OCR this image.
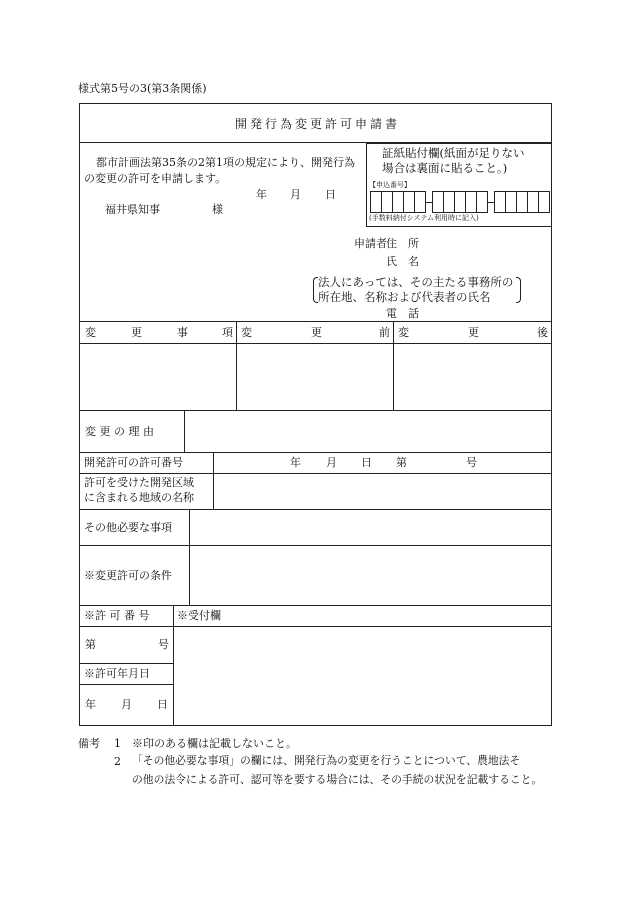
様式第5号の3(第3条関係)
開発行為変更許可申請書
都市計画法第35条の2第1項の規定により、開発行為
の変更の許可を申請します。
年 月 日
福井県知事	様
証紙貼付欄(紙面が足りない
場合は裏面に貼ること。)
【申込番号】
(手数料納付システム利用時に記入)
申請者 住　所
氏　名
法人にあっては、その主たる事務所の
所在地、名称および代表者の氏名
電　話
変	更	事	項 変	更	前 変	更	後
変 更 の 理 由
開発許可の許可番号	年 月 日 第	号
許可を受けた開発区域
に含まれる地域の名称
その他必要な事項
※変更許可の条件
※許 可 番 号	※受付欄
第	号
※許可年月日
年 月 日
備考 1 ※印のある欄は記載しないこと。
2 「その他必要な事項」の欄には、開発行為の変更を行うことについて、農地法そ
の他の法令による許可、認可等を要する場合には、その手続の状況を記載すること。
